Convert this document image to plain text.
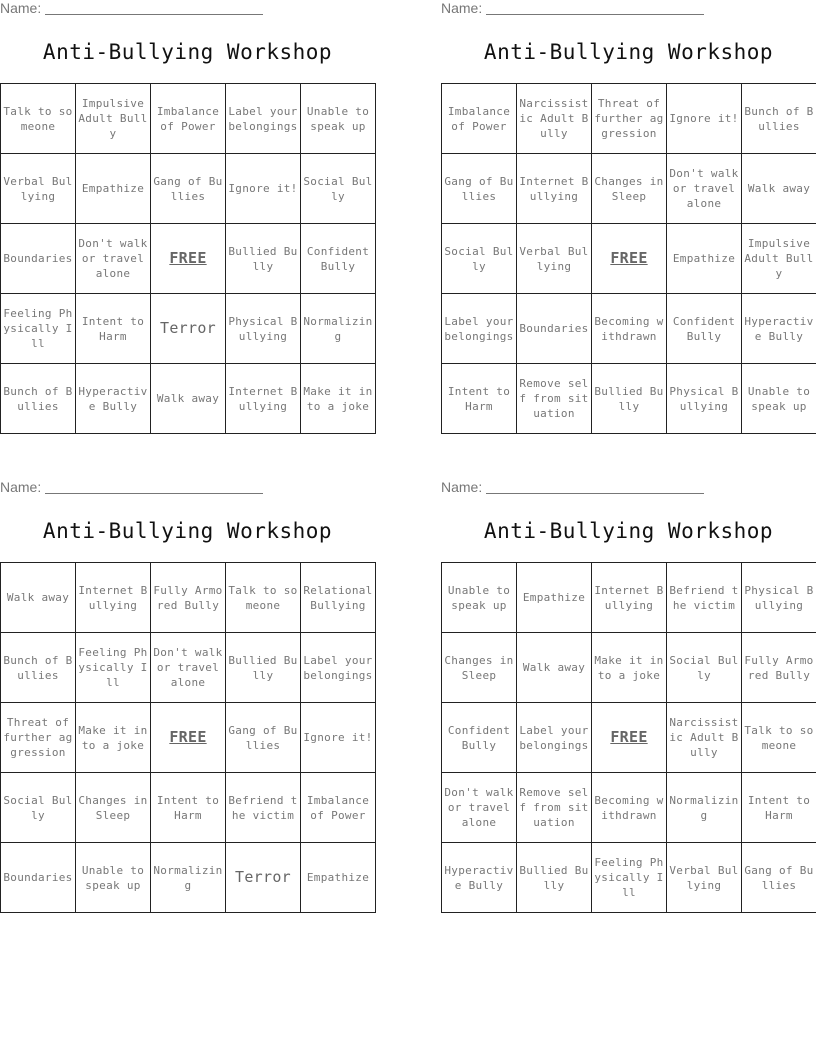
Name:
Anti-Bullying Workshop
Talk to someone	Impulsive Adult Bully	Imbalance of Power	Label your belongings	Unable to speak up
Verbal Bullying	Empathize	Gang of Bullies	Ignore it!	Social Bully
Boundaries	Don't walk or travel alone	FREE	Bullied Bully	Confident Bully
Feeling Physically Ill	Intent to Harm	Terror	Physical Bullying	Normalizing
Bunch of Bullies	Hyperactive Bully	Walk away	Internet Bullying	Make it into a joke
Name:
Anti-Bullying Workshop
Imbalance of Power	Narcissistic Adult Bully	Threat of further aggression	Ignore it!	Bunch of Bullies
Gang of Bullies	Internet Bullying	Changes in Sleep	Don't walk or travel alone	Walk away
Social Bully	Verbal Bullying	FREE	Empathize	Impulsive Adult Bully
Label your belongings	Boundaries	Becoming withdrawn	Confident Bully	Hyperactive Bully
Intent to Harm	Remove self from situation	Bullied Bully	Physical Bullying	Unable to speak up
Name:
Anti-Bullying Workshop
Walk away	Internet Bullying	Fully Armored Bully	Talk to someone	Relational Bullying
Bunch of Bullies	Feeling Physically Ill	Don't walk or travel alone	Bullied Bully	Label your belongings
Threat of further aggression	Make it into a joke	FREE	Gang of Bullies	Ignore it!
Social Bully	Changes in Sleep	Intent to Harm	Befriend the victim	Imbalance of Power
Boundaries	Unable to speak up	Normalizing	Terror	Empathize
Name:
Anti-Bullying Workshop
Unable to speak up	Empathize	Internet Bullying	Befriend the victim	Physical Bullying
Changes in Sleep	Walk away	Make it into a joke	Social Bully	Fully Armored Bully
Confident Bully	Label your belongings	FREE	Narcissistic Adult Bully	Talk to someone
Don't walk or travel alone	Remove self from situation	Becoming withdrawn	Normalizing	Intent to Harm
Hyperactive Bully	Bullied Bully	Feeling Physically Ill	Verbal Bullying	Gang of Bullies
